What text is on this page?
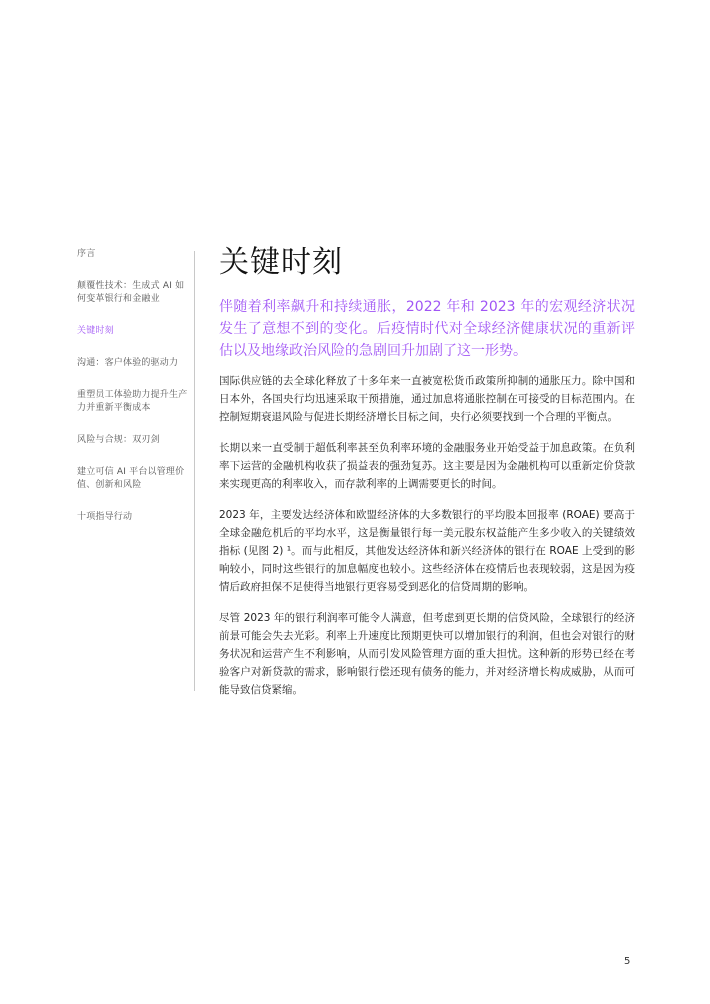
序言
颠覆性技术：生成式 AI 如何变革银行和金融业
关键时刻
沟通：客户体验的驱动力
重塑员工体验助力提升生产力并重新平衡成本
风险与合规：双刃剑
建立可信 AI 平台以管理价值、创新和风险
十项指导行动
关键时刻

伴随着利率飙升和持续通胀，2022 年和 2023 年的宏观经济状况发生了意想不到的变化。后疫情时代对全球经济健康状况的重新评估以及地缘政治风险的急剧回升加剧了这一形势。

国际供应链的去全球化释放了十多年来一直被宽松货币政策所抑制的通胀压力。除中国和日本外，各国央行均迅速采取干预措施，通过加息将通胀控制在可接受的目标范围内。在控制短期衰退风险与促进长期经济增长目标之间，央行必须要找到一个合理的平衡点。

长期以来一直受制于超低利率甚至负利率环境的金融服务业开始受益于加息政策。在负利率下运营的金融机构收获了损益表的强劲复苏。这主要是因为金融机构可以重新定价贷款来实现更高的利率收入，而存款利率的上调需要更长的时间。

2023 年，主要发达经济体和欧盟经济体的大多数银行的平均股本回报率 (ROAE) 要高于全球金融危机后的平均水平，这是衡量银行每一美元股东权益能产生多少收入的关键绩效指标 (见图 2) ¹。而与此相反，其他发达经济体和新兴经济体的银行在 ROAE 上受到的影响较小，同时这些银行的加息幅度也较小。这些经济体在疫情后也表现较弱，这是因为疫情后政府担保不足使得当地银行更容易受到恶化的信贷周期的影响。

尽管 2023 年的银行利润率可能令人满意，但考虑到更长期的信贷风险，全球银行的经济前景可能会失去光彩。利率上升速度比预期更快可以增加银行的利润，但也会对银行的财务状况和运营产生不利影响，从而引发风险管理方面的重大担忧。这种新的形势已经在考验客户对新贷款的需求，影响银行偿还现有债务的能力，并对经济增长构成威胁，从而可能导致信贷紧缩。

5
